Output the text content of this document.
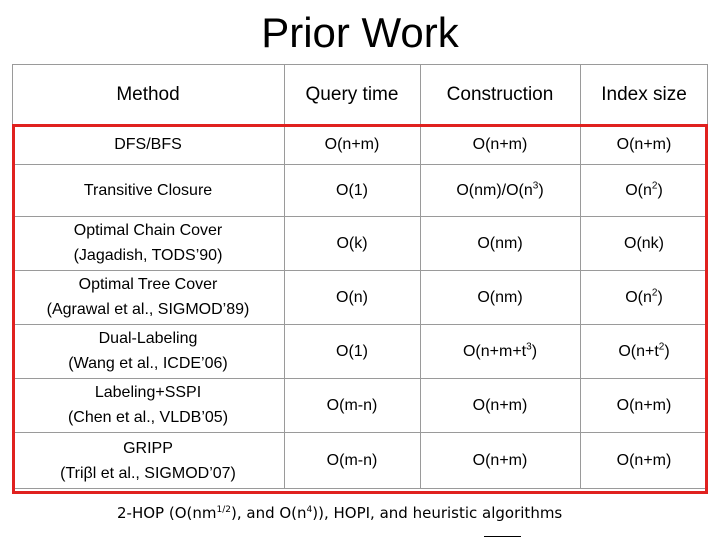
Prior Work
Method	Query time	Construction	Index size
DFS/BFS	O(n+m)	O(n+m)	O(n+m)
Transitive Closure	O(1)	$O(nm)/O(n^3)$	$O(n^2)$
Optimal Chain Cover
(Jagadish, TODS’90)
O(k)	O(nm)	O(nk)
Optimal Tree Cover
(Agrawal et al., SIGMOD’89)
O(n)	O(nm)	$O(n^2)$
Dual-Labeling
(Wang et al., ICDE’06)
O(1)	$O(n+m+t^3)$	$O(n+t^2)$
Labeling+SSPI
(Chen et al., VLDB’05)
O(m-n)	O(n+m)	O(n+m)
GRIPP
(Triβl et al., SIGMOD’07)
O(m-n)	O(n+m)	O(n+m)
2-HOP ($O(nm^{1/2})$, and $O(n^4)$), HOPI, and heuristic algorithms
